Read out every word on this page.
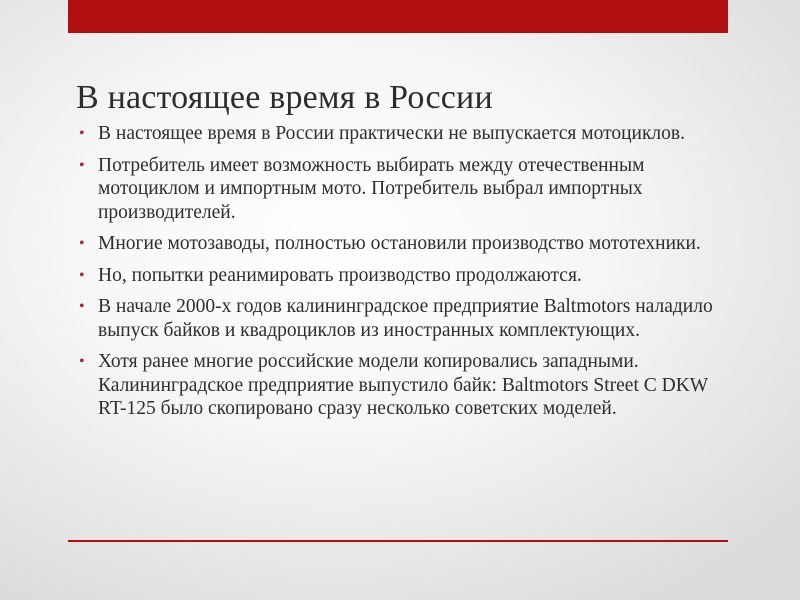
В настоящее время в России
• В настоящее время в России практически не выпускается мотоциклов.
• Потребитель имеет возможность выбирать между отечественным мотоциклом и импортным мото. Потребитель выбрал импортных производителей.
• Многие мотозаводы, полностью остановили производство мототехники.
• Но, попытки реанимировать производство продолжаются.
• В начале 2000-х годов калининградское предприятие Baltmotors наладило выпуск байков и квадроциклов из иностранных комплектующих.
• Хотя ранее многие российские модели копировались западными. Калининградское предприятие выпустило байк: Baltmotors Street C DKW RT-125 было скопировано сразу несколько советских моделей.
